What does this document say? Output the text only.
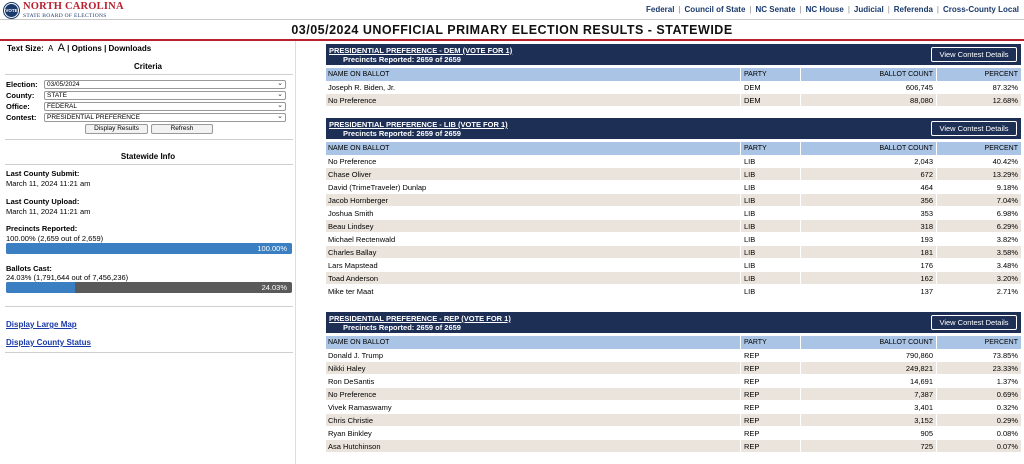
VOTE NORTH CAROLINA
STATE BOARD OF ELECTIONS
Federal | Council of State | NC Senate | NC House | Judicial | Referenda | Cross-County Local
03/05/2024 UNOFFICIAL PRIMARY ELECTION RESULTS - STATEWIDE
Text Size: A A | Options | Downloads
Criteria
Election:	03/05/2024	⌄
County:	STATE	⌄
Office:	FEDERAL	⌄
Contest:	PRESIDENTIAL PREFERENCE	⌄
Display Results	Refresh
Statewide Info
Last County Submit:
March 11, 2024 11:21 am
Last County Upload:
March 11, 2024 11:21 am
Precincts Reported:
100.00% (2,659 out of 2,659)
100.00%
Ballots Cast:
24.03% (1,791,644 out of 7,456,236)
24.03%
Display Large Map
Display County Status
PRESIDENTIAL PREFERENCE - DEM (VOTE FOR 1)
Precincts Reported: 2659 of 2659
View Contest Details
NAME ON BALLOT	PARTY	BALLOT COUNT	PERCENT
Joseph R. Biden, Jr.	DEM	606,745	87.32%
No Preference	DEM	88,080	12.68%
PRESIDENTIAL PREFERENCE - LIB (VOTE FOR 1)
Precincts Reported: 2659 of 2659
View Contest Details
NAME ON BALLOT	PARTY	BALLOT COUNT	PERCENT
No Preference	LIB	2,043	40.42%
Chase Oliver	LIB	672	13.29%
David (TrimeTraveler) Dunlap	LIB	464	9.18%
Jacob Hornberger	LIB	356	7.04%
Joshua Smith	LIB	353	6.98%
Beau Lindsey	LIB	318	6.29%
Michael Rectenwald	LIB	193	3.82%
Charles Ballay	LIB	181	3.58%
Lars Mapstead	LIB	176	3.48%
Toad Anderson	LIB	162	3.20%
Mike ter Maat	LIB	137	2.71%
PRESIDENTIAL PREFERENCE - REP (VOTE FOR 1)
Precincts Reported: 2659 of 2659
View Contest Details
NAME ON BALLOT	PARTY	BALLOT COUNT	PERCENT
Donald J. Trump	REP	790,860	73.85%
Nikki Haley	REP	249,821	23.33%
Ron DeSantis	REP	14,691	1.37%
No Preference	REP	7,387	0.69%
Vivek Ramaswamy	REP	3,401	0.32%
Chris Christie	REP	3,152	0.29%
Ryan Binkley	REP	905	0.08%
Asa Hutchinson	REP	725	0.07%
